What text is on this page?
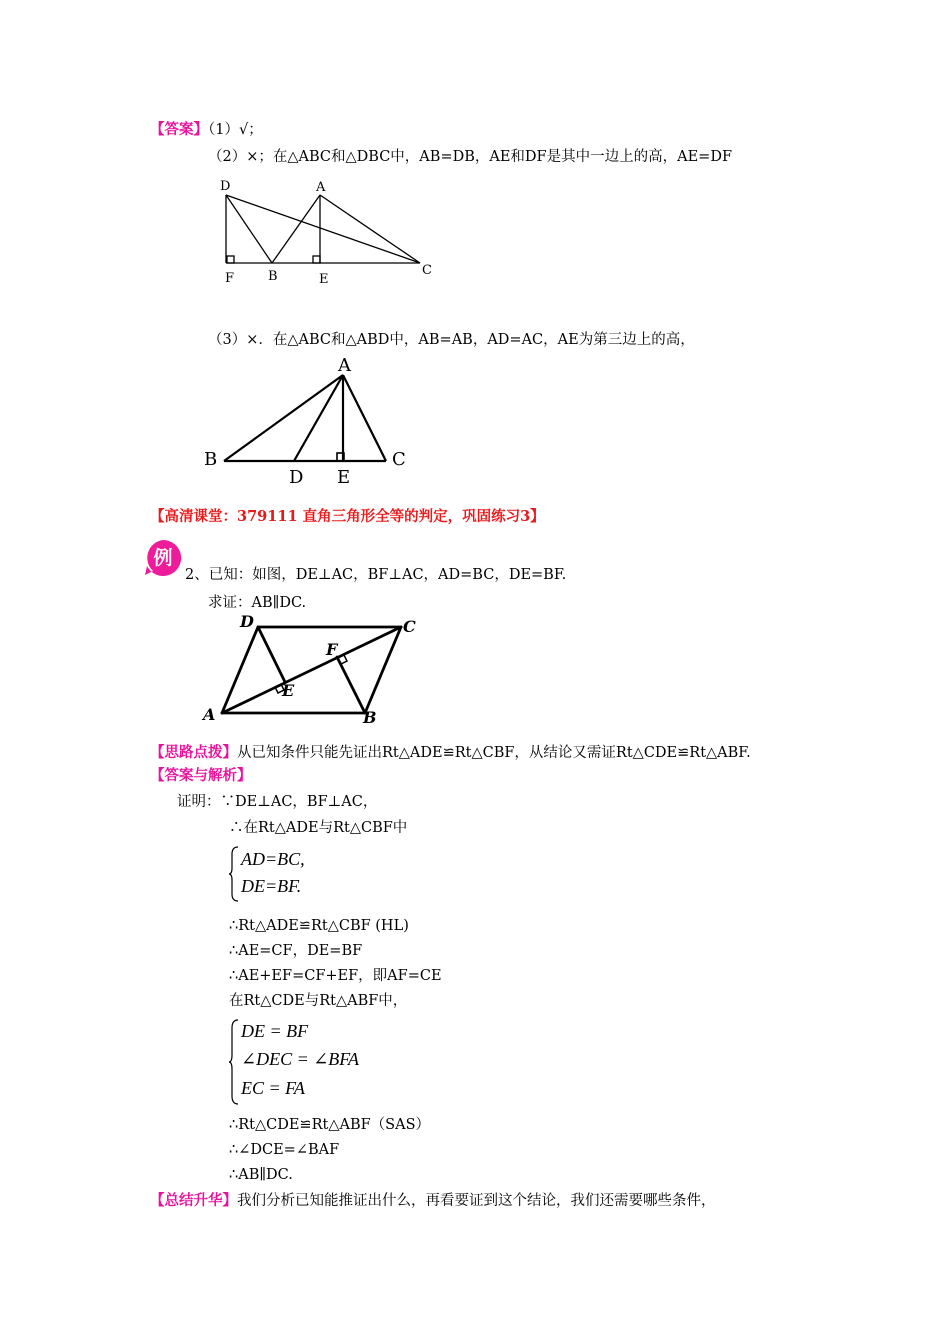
【答案】（1）√；
（2）×；在△ABC和△DBC中，AB=DB，AE和DF是其中一边上的高，AE=DF
D	A
F	B	E
C
（3）×．在△ABC和△ABD中，AB=AB，AD=AC，AE为第三边上的高，
A
B
D E
C
【高清课堂：379111 直角三角形全等的判定，巩固练习3】
例
2、已知：如图，DE⊥AC，BF⊥AC，AD=BC，DE=BF.
求证：AB∥DC.
D	C
F
E
A	B
【思路点拨】从已知条件只能先证出Rt△ADE≌Rt△CBF，从结论又需证Rt△CDE≌Rt△ABF.
【答案与解析】
证明：∵DE⊥AC，BF⊥AC，
∴在Rt△ADE与Rt△CBF中
AD=BC,
DE=BF.
∴Rt△ADE≌Rt△CBF (HL)
∴AE=CF，DE=BF
∴AE+EF=CF+EF，即AF=CE
在Rt△CDE与Rt△ABF中，
DE = BF
∠DEC = ∠BFA
EC = FA
∴Rt△CDE≌Rt△ABF（SAS）
∴∠DCE=∠BAF
∴AB∥DC.
【总结升华】我们分析已知能推证出什么，再看要证到这个结论，我们还需要哪些条件，
